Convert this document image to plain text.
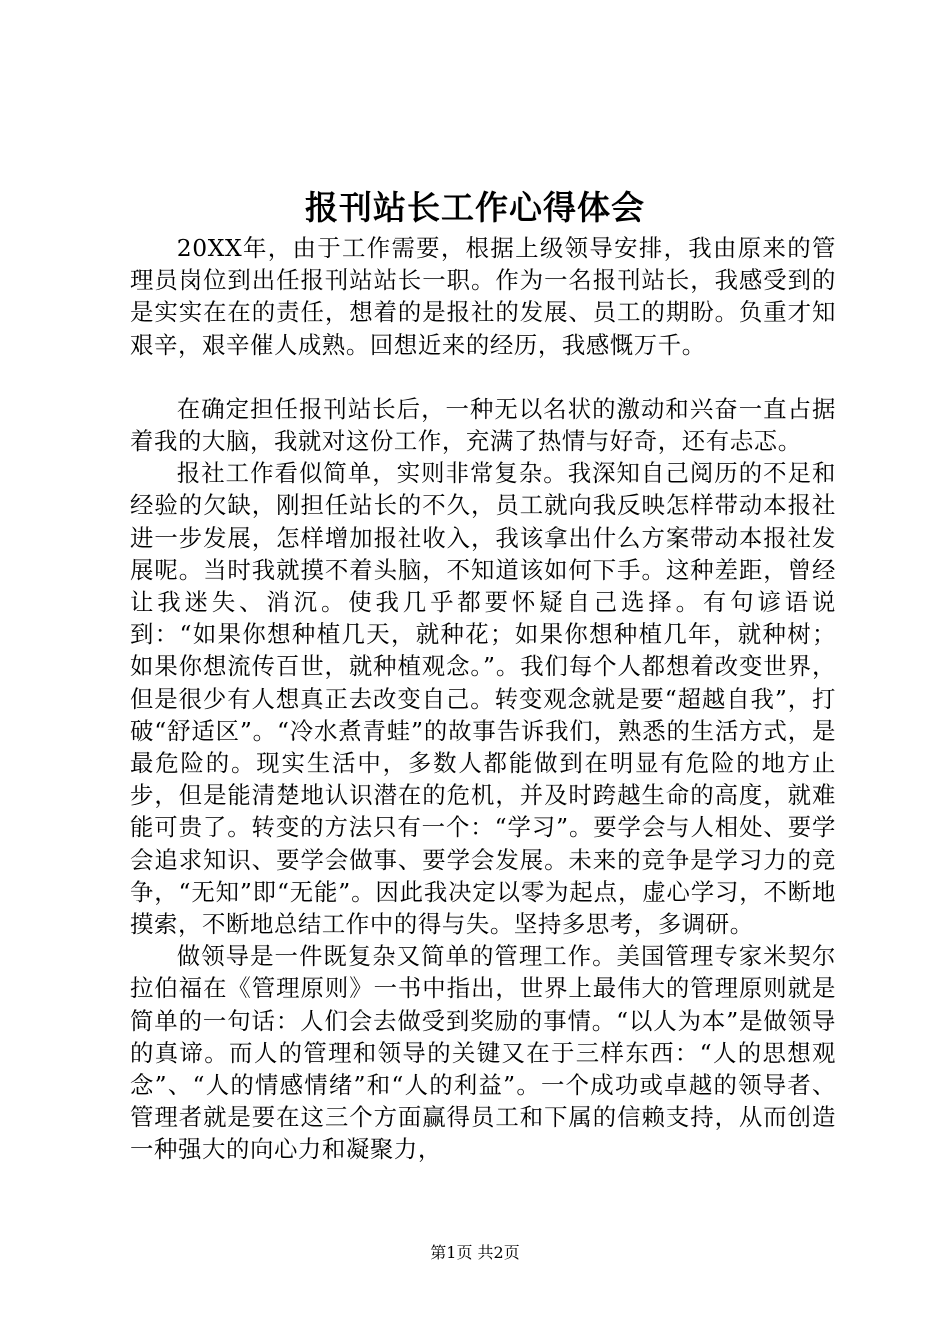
报刊站长工作心得体会

20XX年，由于工作需要，根据上级领导安排，我由原来的管理员岗位到出任报刊站站长一职。作为一名报刊站长，我感受到的是实实在在的责任，想着的是报社的发展、员工的期盼。负重才知艰辛，艰辛催人成熟。回想近来的经历，我感慨万千。

在确定担任报刊站长后，一种无以名状的激动和兴奋一直占据着我的大脑，我就对这份工作，充满了热情与好奇，还有忐忑。

报社工作看似简单，实则非常复杂。我深知自己阅历的不足和经验的欠缺，刚担任站长的不久，员工就向我反映怎样带动本报社进一步发展，怎样增加报社收入，我该拿出什么方案带动本报社发展呢。当时我就摸不着头脑，不知道该如何下手。这种差距，曾经让我迷失、消沉。使我几乎都要怀疑自己选择。有句谚语说到：“如果你想种植几天，就种花；如果你想种植几年，就种树；如果你想流传百世，就种植观念。”。我们每个人都想着改变世界，但是很少有人想真正去改变自己。转变观念就是要“超越自我”，打破“舒适区”。“冷水煮青蛙”的故事告诉我们，熟悉的生活方式，是最危险的。现实生活中，多数人都能做到在明显有危险的地方止步，但是能清楚地认识潜在的危机，并及时跨越生命的高度，就难能可贵了。转变的方法只有一个：“学习”。要学会与人相处、要学会追求知识、要学会做事、要学会发展。未来的竞争是学习力的竞争，“无知”即“无能”。因此我决定以零为起点，虚心学习，不断地摸索，不断地总结工作中的得与失。坚持多思考，多调研。

做领导是一件既复杂又简单的管理工作。美国管理专家米契尔拉伯福在《管理原则》一书中指出，世界上最伟大的管理原则就是简单的一句话：人们会去做受到奖励的事情。“以人为本”是做领导的真谛。而人的管理和领导的关键又在于三样东西：“人的思想观念”、“人的情感情绪”和“人的利益”。一个成功或卓越的领导者、管理者就是要在这三个方面赢得员工和下属的信赖支持，从而创造一种强大的向心力和凝聚力，

第1页 共2页
